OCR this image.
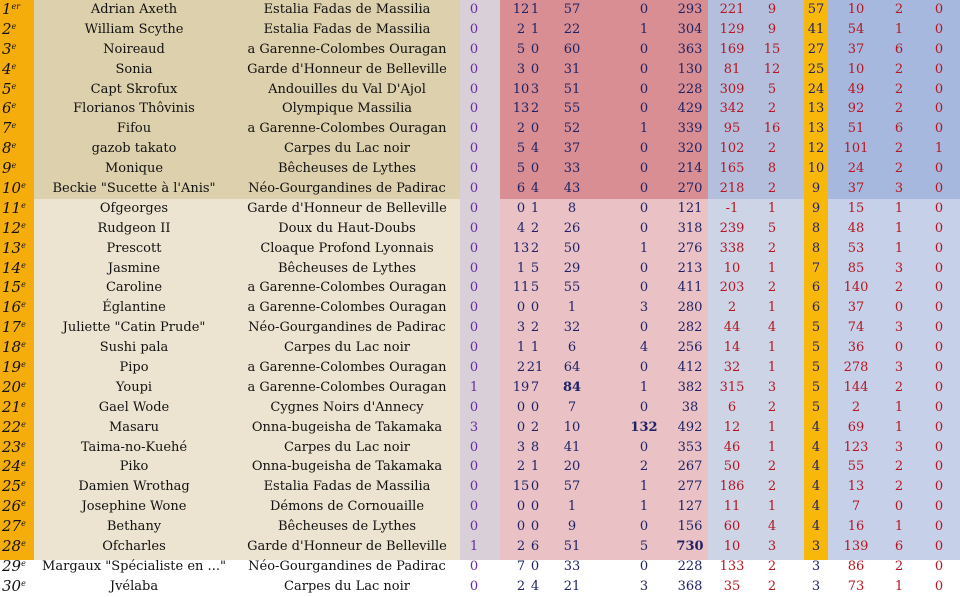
1er	Adrian Axeth	Estalia Fadas de Massilia	0	12 1	57	0	293	221	9	57	10	2	0
2e	William Scythe	Estalia Fadas de Massilia	0	2 1	22	1	304	129	9	41	54	1	0
3e	Noireaud	a Garenne-Colombes Ouragan	0	5 0	60	0	363	169	15	27	37	6	0
4e	Sonia	Garde d'Honneur de Belleville	0	3 0	31	0	130	81	12	25	10	2	0
5e	Capt Skrofux	Andouilles du Val D'Ajol	0	10 3	51	0	228	309	5	24	49	2	0
6e	Florianos Thôvinis	Olympique Massilia	0	13 2	55	0	429	342	2	13	92	2	0
7e	Fifou	a Garenne-Colombes Ouragan	0	2 0	52	1	339	95	16	13	51	6	0
8e	gazob takato	Carpes du Lac noir	0	5 4	37	0	320	102	2	12	101	2	1
9e	Monique	Bêcheuses de Lythes	0	5 0	33	0	214	165	8	10	24	2	0
10e	Beckie "Sucette à l'Anis"	Néo-Gourgandines de Padirac	0	6 4	43	0	270	218	2	9	37	3	0
11e	Ofgeorges	Garde d'Honneur de Belleville	0	0 1	8	0	121	-1	1	9	15	1	0
12e	Rudgeon II	Doux du Haut-Doubs	0	4 2	26	0	318	239	5	8	48	1	0
13e	Prescott	Cloaque Profond Lyonnais	0	13 2	50	1	276	338	2	8	53	1	0
14e	Jasmine	Bêcheuses de Lythes	0	1 5	29	0	213	10	1	7	85	3	0
15e	Caroline	a Garenne-Colombes Ouragan	0	11 5	55	0	411	203	2	6	140	2	0
16e	Églantine	a Garenne-Colombes Ouragan	0	0 0	1	3	280	2	1	6	37	0	0
17e	Juliette "Catin Prude"	Néo-Gourgandines de Padirac	0	3 2	32	0	282	44	4	5	74	3	0
18e	Sushi pala	Carpes du Lac noir	0	1 1	6	4	256	14	1	5	36	0	0
19e	Pipo	a Garenne-Colombes Ouragan	0	2 21	64	0	412	32	1	5	278	3	0
20e	Youpi	a Garenne-Colombes Ouragan	1	19 7	84	1	382	315	3	5	144	2	0
21e	Gael Wode	Cygnes Noirs d'Annecy	0	0 0	7	0	38	6	2	5	2	1	0
22e	Masaru	Onna-bugeisha de Takamaka	3	0 2	10	132	492	12	1	4	69	1	0
23e	Taima-no-Kuehé	Carpes du Lac noir	0	3 8	41	0	353	46	1	4	123	3	0
24e	Piko	Onna-bugeisha de Takamaka	0	2 1	20	2	267	50	2	4	55	2	0
25e	Damien Wrothag	Estalia Fadas de Massilia	0	15 0	57	1	277	186	2	4	13	2	0
26e	Josephine Wone	Démons de Cornouaille	0	0 0	1	1	127	11	1	4	7	0	0
27e	Bethany	Bêcheuses de Lythes	0	0 0	9	0	156	60	4	4	16	1	0
28e	Ofcharles	Garde d'Honneur de Belleville	1	2 6	51	5	730	10	3	3	139	6	0
29e	Margaux "Spécialiste en ..."	Néo-Gourgandines de Padirac	0	7 0	33	0	228	133	2	3	86	2	0
30e	Jvélaba	Carpes du Lac noir	0	2 4	21	3	368	35	2	3	73	1	0
